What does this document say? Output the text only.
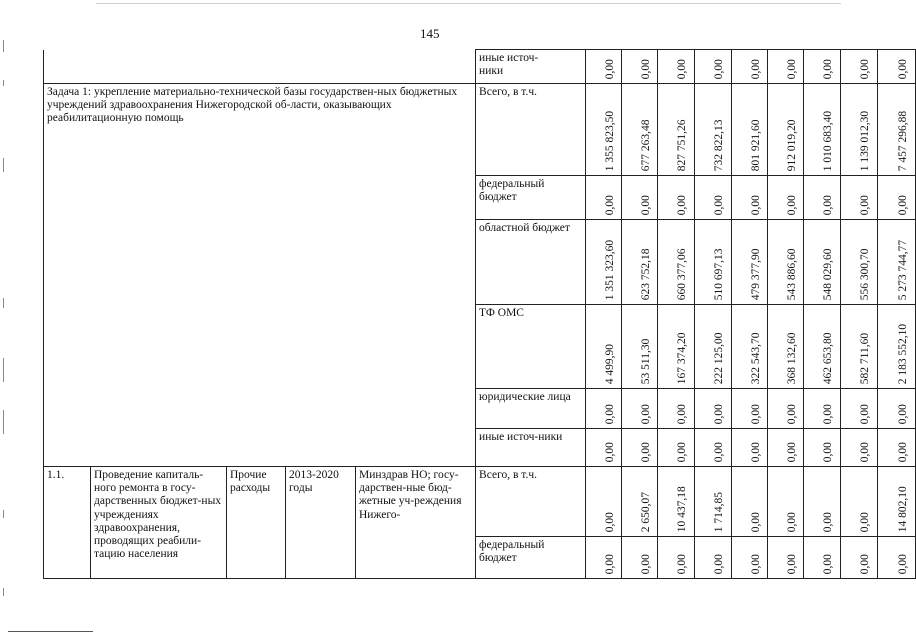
145
					иные источ-
ники	0,00	0,00	0,00	0,00	0,00	0,00	0,00	0,00	0,00

Задача 1: укрепление материально-технической базы государствен-ных бюджетных учреждений здравоохранения Нижегородской об-ласти, оказывающих реабилитационную помощь					Всего, в т.ч.	1 355 823,50	677 263,48	827 751,26	732 822,13	801 921,60	912 019,20	1 010 683,40	1 139 012,30	7 457 296,88

					федеральный бюджет	0,00	0,00	0,00	0,00	0,00	0,00	0,00	0,00	0,00

					областной бюджет	1 351 323,60	623 752,18	660 377,06	510 697,13	479 377,90	543 886,60	548 029,60	556 300,70	5 273 744,77

					ТФ ОМС	4 499,90	53 511,30	167 374,20	222 125,00	322 543,70	368 132,60	462 653,80	582 711,60	2 183 552,10

					юридические лица	0,00	0,00	0,00	0,00	0,00	0,00	0,00	0,00	0,00

					иные источ-ники	0,00	0,00	0,00	0,00	0,00	0,00	0,00	0,00	0,00

1.1.	Проведение капиталь-ного ремонта в госу-дарственных бюджет-ных учреждениях здравоохранения, проводящих реабили-тацию населения	Прочие расходы	2013-2020 годы	Минздрав НО; госу-дарствен-ные бюд-жетные уч-реждения Нижего-	Всего, в т.ч.	0,00	2 650,07	10 437,18	1 714,85	0,00	0,00	0,00	0,00	14 802,10

					федеральный бюджет	0,00	0,00	0,00	0,00	0,00	0,00	0,00	0,00	0,00
